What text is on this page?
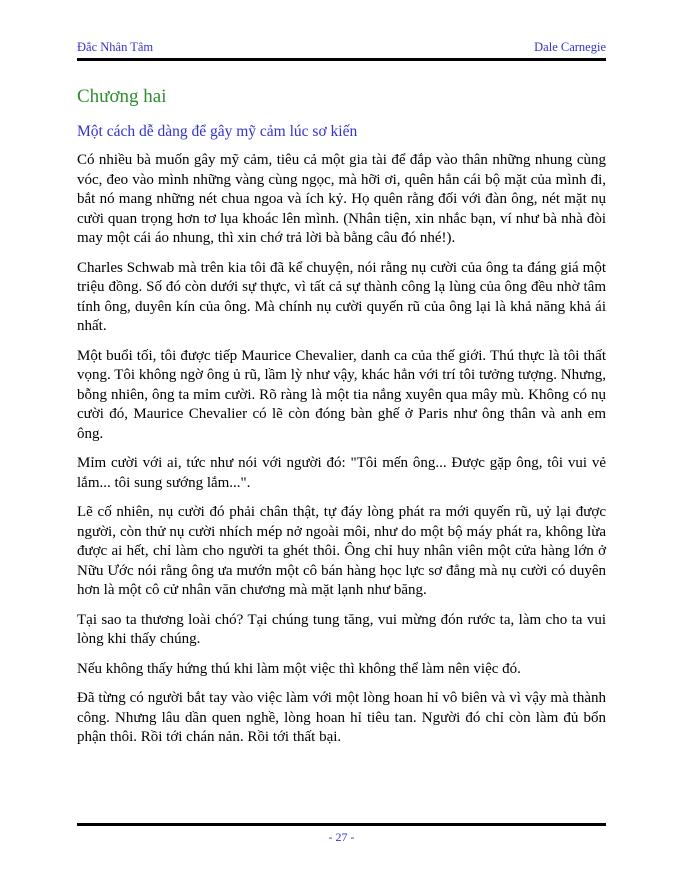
Đắc Nhân Tâm	Dale Carnegie
Chương hai
Một cách dễ dàng để gây mỹ cảm lúc sơ kiến

Có nhiều bà muốn gây mỹ cảm, tiêu cả một gia tài để đắp vào thân những nhung cùng vóc, đeo vào mình những vàng cùng ngọc, mà hỡi ơi, quên hẳn cái bộ mặt của mình đi, bắt nó mang những nét chua ngoa và ích kỷ. Họ quên rằng đối với đàn ông, nét mặt nụ cười quan trọng hơn tơ lụa khoác lên mình. (Nhân tiện, xin nhắc bạn, ví như bà nhà đòi may một cái áo nhung, thì xin chớ trả lời bà bằng câu đó nhé!).

Charles Schwab mà trên kia tôi đã kể chuyện, nói rằng nụ cười của ông ta đáng giá một triệu đồng. Số đó còn dưới sự thực, vì tất cả sự thành công lạ lùng của ông đều nhờ tâm tính ông, duyên kín của ông. Mà chính nụ cười quyến rũ của ông lại là khả năng khả ái nhất.

Một buổi tối, tôi được tiếp Maurice Chevalier, danh ca của thế giới. Thú thực là tôi thất vọng. Tôi không ngờ ông ủ rũ, lầm lỳ như vậy, khác hẳn với trí tôi tưởng tượng. Nhưng, bỗng nhiên, ông ta mỉm cười. Rõ ràng là một tia nắng xuyên qua mây mù. Không có nụ cười đó, Maurice Chevalier có lẽ còn đóng bàn ghế ở Paris như ông thân và anh em ông.

Mỉm cười với ai, tức như nói với người đó: "Tôi mến ông... Được gặp ông, tôi vui vẻ lắm... tôi sung sướng lắm...".

Lẽ cố nhiên, nụ cười đó phải chân thật, tự đáy lòng phát ra mới quyến rũ, uỷ lại được người, còn thử nụ cười nhích mép nở ngoài môi, như do một bộ máy phát ra, không lừa được ai hết, chỉ làm cho người ta ghét thôi. Ông chỉ huy nhân viên một cửa hàng lớn ở Nữu Ước nói rằng ông ưa mướn một cô bán hàng học lực sơ đẳng mà nụ cười có duyên hơn là một cô cử nhân văn chương mà mặt lạnh như băng.

Tại sao ta thương loài chó? Tại chúng tung tăng, vui mừng đón rước ta, làm cho ta vui lòng khi thấy chúng.

Nếu không thấy hứng thú khi làm một việc thì không thể làm nên việc đó.

Đã từng có người bắt tay vào việc làm với một lòng hoan hỉ vô biên và vì vậy mà thành công. Nhưng lâu dần quen nghề, lòng hoan hỉ tiêu tan. Người đó chỉ còn làm đủ bổn phận thôi. Rồi tới chán nản. Rồi tới thất bại.

- 27 -
